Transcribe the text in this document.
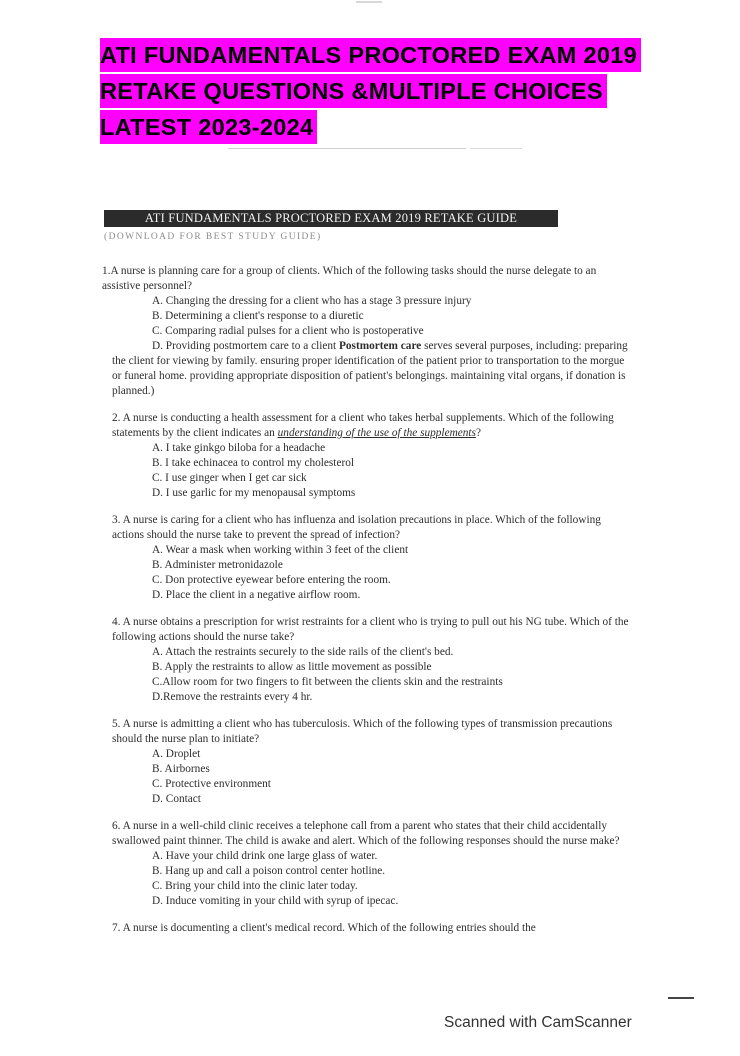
ATI FUNDAMENTALS PROCTORED EXAM 2019
RETAKE QUESTIONS &MULTIPLE CHOICES
LATEST 2023-2024
ATI FUNDAMENTALS PROCTORED EXAM 2019 RETAKE GUIDE
(DOWNLOAD FOR BEST STUDY GUIDE)

1.A nurse is planning care for a group of clients. Which of the following tasks should the nurse delegate to an assistive personnel?

A. Changing the dressing for a client who has a stage 3 pressure injury
B. Determining a client's response to a diuretic
C. Comparing radial pulses for a client who is postoperative

D. Providing postmortem care to a client Postmortem care serves several purposes, including: preparing the client for viewing by family. ensuring proper identification of the patient prior to transportation to the morgue or funeral home. providing appropriate disposition of patient's belongings. maintaining vital organs, if donation is planned.)

2. A nurse is conducting a health assessment for a client who takes herbal supplements. Which of the following statements by the client indicates an understanding of the use of the supplements?

A. I take ginkgo biloba for a headache
B. I take echinacea to control my cholesterol
C. I use ginger when I get car sick
D. I use garlic for my menopausal symptoms

3. A nurse is caring for a client who has influenza and isolation precautions in place. Which of the following actions should the nurse take to prevent the spread of infection?

A. Wear a mask when working within 3 feet of the client
B. Administer metronidazole
C. Don protective eyewear before entering the room.
D. Place the client in a negative airflow room.

4. A nurse obtains a prescription for wrist restraints for a client who is trying to pull out his NG tube. Which of the following actions should the nurse take?

A. Attach the restraints securely to the side rails of the client's bed.
B. Apply the restraints to allow as little movement as possible
C.Allow room for two fingers to fit between the clients skin and the restraints
D.Remove the restraints every 4 hr.

5. A nurse is admitting a client who has tuberculosis. Which of the following types of transmission precautions should the nurse plan to initiate?

A. Droplet
B. Airbornes
C. Protective environment
D. Contact

6. A nurse in a well-child clinic receives a telephone call from a parent who states that their child accidentally swallowed paint thinner. The child is awake and alert. Which of the following responses should the nurse make?

A. Have your child drink one large glass of water.
B. Hang up and call a poison control center hotline.
C. Bring your child into the clinic later today.
D. Induce vomiting in your child with syrup of ipecac.

7. A nurse is documenting a client's medical record. Which of the following entries should the

Scanned with CamScanner
